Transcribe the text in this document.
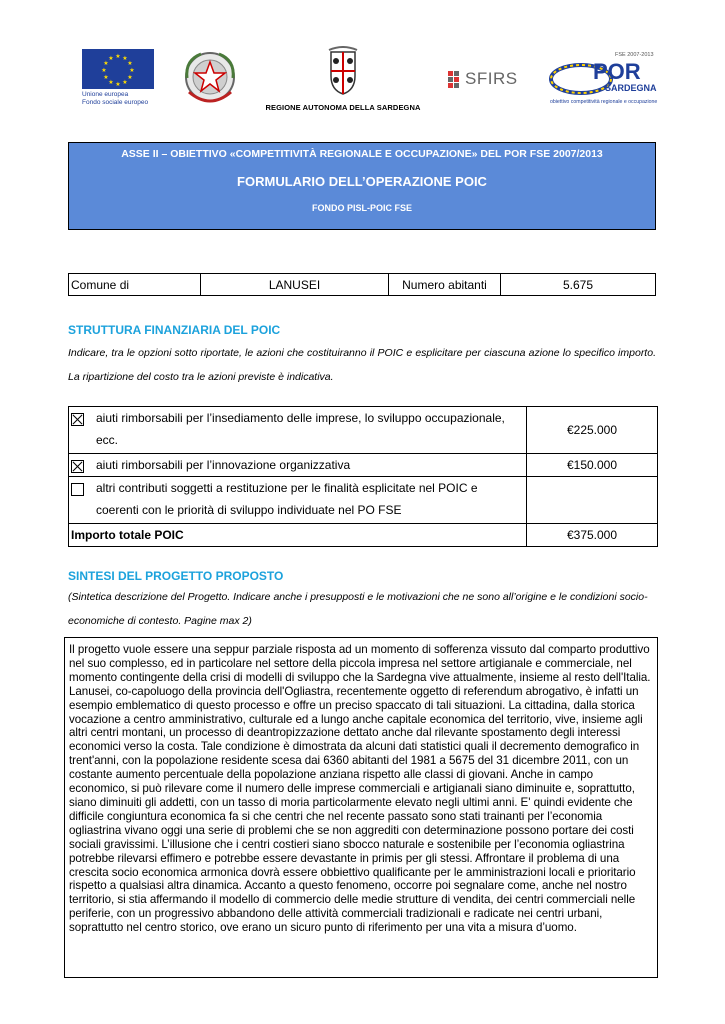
★ ★
★
★
★
★
★
★
★
★
★
★
Unione europea
Fondo sociale europeo
REGIONE AUTONOMA DELLA SARDEGNA
SFIRS
FSE 2007-2013
POR
SARDEGNA
obiettivo competitività regionale e occupazione
ASSE II – OBIETTIVO «COMPETITIVITÀ REGIONALE E OCCUPAZIONE» DEL POR FSE 2007/2013
FORMULARIO DELL’OPERAZIONE POIC
FONDO PISL-POIC FSE
Comune di	LANUSEI	Numero abitanti	5.675
STRUTTURA FINANZIARIA DEL POIC
Indicare, tra le opzioni sotto riportate, le azioni che costituiranno il POIC e esplicitare per ciascuna azione lo specifico importo. La ripartizione del costo tra le azioni previste è indicativa.
aiuti rimborsabili per l’insediamento delle imprese, lo sviluppo occupazionale, ecc.	€225.000

aiuti rimborsabili per l’innovazione organizzativa	€150.000

altri contributi soggetti a restituzione per le finalità esplicitate nel POIC e coerenti con le priorità di sviluppo individuate nel PO FSE	

Importo totale POIC	€375.000
SINTESI DEL PROGETTO PROPOSTO
(Sintetica descrizione del Progetto. Indicare anche i presupposti e le motivazioni che ne sono all’origine e le condizioni socio-economiche di contesto. Pagine max 2)
Il progetto vuole essere una seppur parziale risposta ad un momento di sofferenza vissuto dal comparto produttivo nel suo complesso, ed in particolare nel settore della piccola impresa nel settore artigianale e commerciale, nel momento contingente della crisi di modelli di sviluppo che la Sardegna vive attualmente, insieme al resto dell'Italia. Lanusei, co-capoluogo della provincia dell'Ogliastra, recentemente oggetto di referendum abrogativo, è infatti un esempio emblematico di questo processo e offre un preciso spaccato di tali situazioni. La cittadina, dalla storica vocazione a centro amministrativo, culturale ed a lungo anche capitale economica del territorio, vive, insieme agli altri centri montani, un processo di deantropizzazione dettato anche dal rilevante spostamento degli interessi economici verso la costa. Tale condizione è dimostrata da alcuni dati statistici quali il decremento demografico in trent'anni, con la popolazione residente scesa dai 6360 abitanti del 1981 a 5675 del 31 dicembre 2011, con un costante aumento percentuale della popolazione anziana rispetto alle classi di giovani. Anche in campo economico, si può rilevare come il numero delle imprese commerciali e artigianali siano diminuite e, soprattutto, siano diminuiti gli addetti, con un tasso di moria particolarmente elevato negli ultimi anni. E' quindi evidente che difficile congiuntura economica fa si che centri che nel recente passato sono stati trainanti per l’economia ogliastrina vivano oggi una serie di problemi che se non aggrediti con determinazione possono portare dei costi sociali gravissimi. L’illusione che i centri costieri siano sbocco naturale e sostenibile per l’economia ogliastrina potrebbe rilevarsi effimero e potrebbe essere devastante in primis per gli stessi. Affrontare il problema di una crescita socio economica armonica dovrà essere obbiettivo qualificante per le amministrazioni locali e prioritario rispetto a qualsiasi altra dinamica. Accanto a questo fenomeno, occorre poi segnalare come, anche nel nostro territorio, si stia affermando il modello di commercio delle medie strutture di vendita, dei centri commerciali nelle periferie, con un progressivo abbandono delle attività commerciali tradizionali e radicate nei centri urbani, soprattutto nel centro storico, ove erano un sicuro punto di riferimento per una vita a misura d’uomo.
